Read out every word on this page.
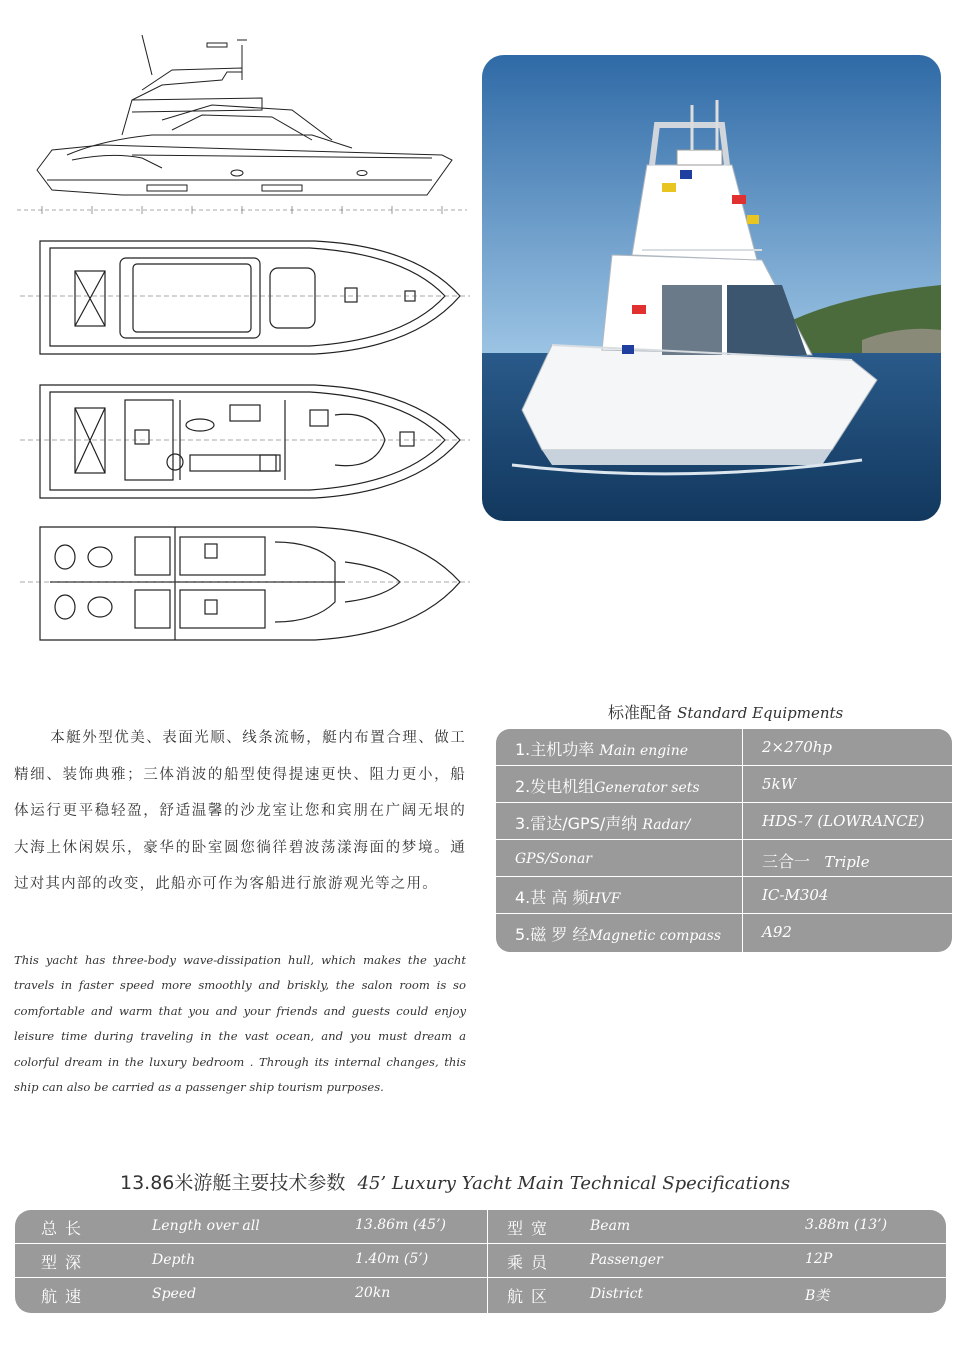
本艇外型优美、表面光顺、线条流畅，艇内布置合理、做工精细、装饰典雅；三体消波的船型使得提速更快、阻力更小，船体运行更平稳轻盈，舒适温馨的沙龙室让您和宾朋在广阔无垠的大海上休闲娱乐，豪华的卧室圆您徜徉碧波荡漾海面的梦境。通过对其内部的改变，此船亦可作为客船进行旅游观光等之用。
This yacht has three-body wave-dissipation hull, which makes the yacht travels in faster speed more smoothly and briskly, the salon room is so comfortable and warm that you and your friends and guests could enjoy leisure time during traveling in the vast ocean, and you must dream a colorful dream in the luxury bedroom . Through its internal changes, this ship can also be carried as a passenger ship tourism purposes.
标准配备 Standard Equipments
1.主机功率 Main engine	2×270hp
2.发电机组Generator sets	5kW
3.雷达/GPS/声纳 Radar/	HDS-7 (LOWRANCE)
GPS/Sonar	三合一 Triple
4.甚 高 频HVF	IC-M304
5.磁 罗 经Magnetic compass	A92
13.86米游艇主要技术参数 45’ Luxury Yacht Main Technical Specifications
总长	Length over all	13.86m (45’)	型宽 Beam	3.88m (13’)
型深	Depth	1.40m (5’)	乘员 Passenger	12P
航速	Speed	20kn	航区 District	B类
